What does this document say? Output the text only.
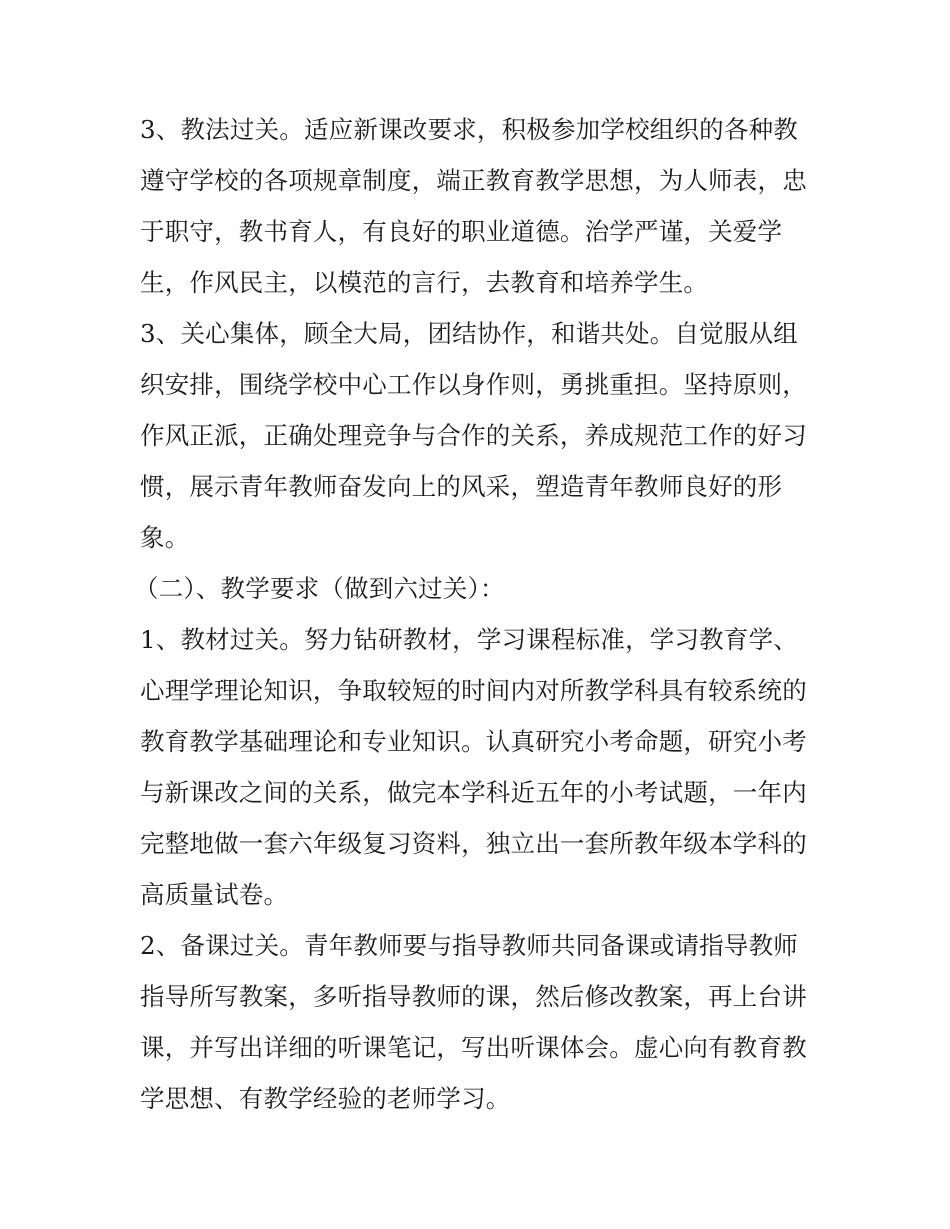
3、教法过关。适应新课改要求，积极参加学校组织的各种教
遵守学校的各项规章制度，端正教育教学思想，为人师表，忠
于职守，教书育人，有良好的职业道德。治学严谨，关爱学
生，作风民主，以模范的言行，去教育和培养学生。
3、关心集体，顾全大局，团结协作，和谐共处。自觉服从组
织安排，围绕学校中心工作以身作则，勇挑重担。坚持原则，
作风正派，正确处理竞争与合作的关系，养成规范工作的好习
惯，展示青年教师奋发向上的风采，塑造青年教师良好的形
象。
（二）、教学要求（做到六过关）：
1、教材过关。努力钻研教材，学习课程标准，学习教育学、
心理学理论知识，争取较短的时间内对所教学科具有较系统的
教育教学基础理论和专业知识。认真研究小考命题，研究小考
与新课改之间的关系，做完本学科近五年的小考试题，一年内
完整地做一套六年级复习资料，独立出一套所教年级本学科的
高质量试卷。
2、备课过关。青年教师要与指导教师共同备课或请指导教师
指导所写教案，多听指导教师的课，然后修改教案，再上台讲
课，并写出详细的听课笔记，写出听课体会。虚心向有教育教
学思想、有教学经验的老师学习。
